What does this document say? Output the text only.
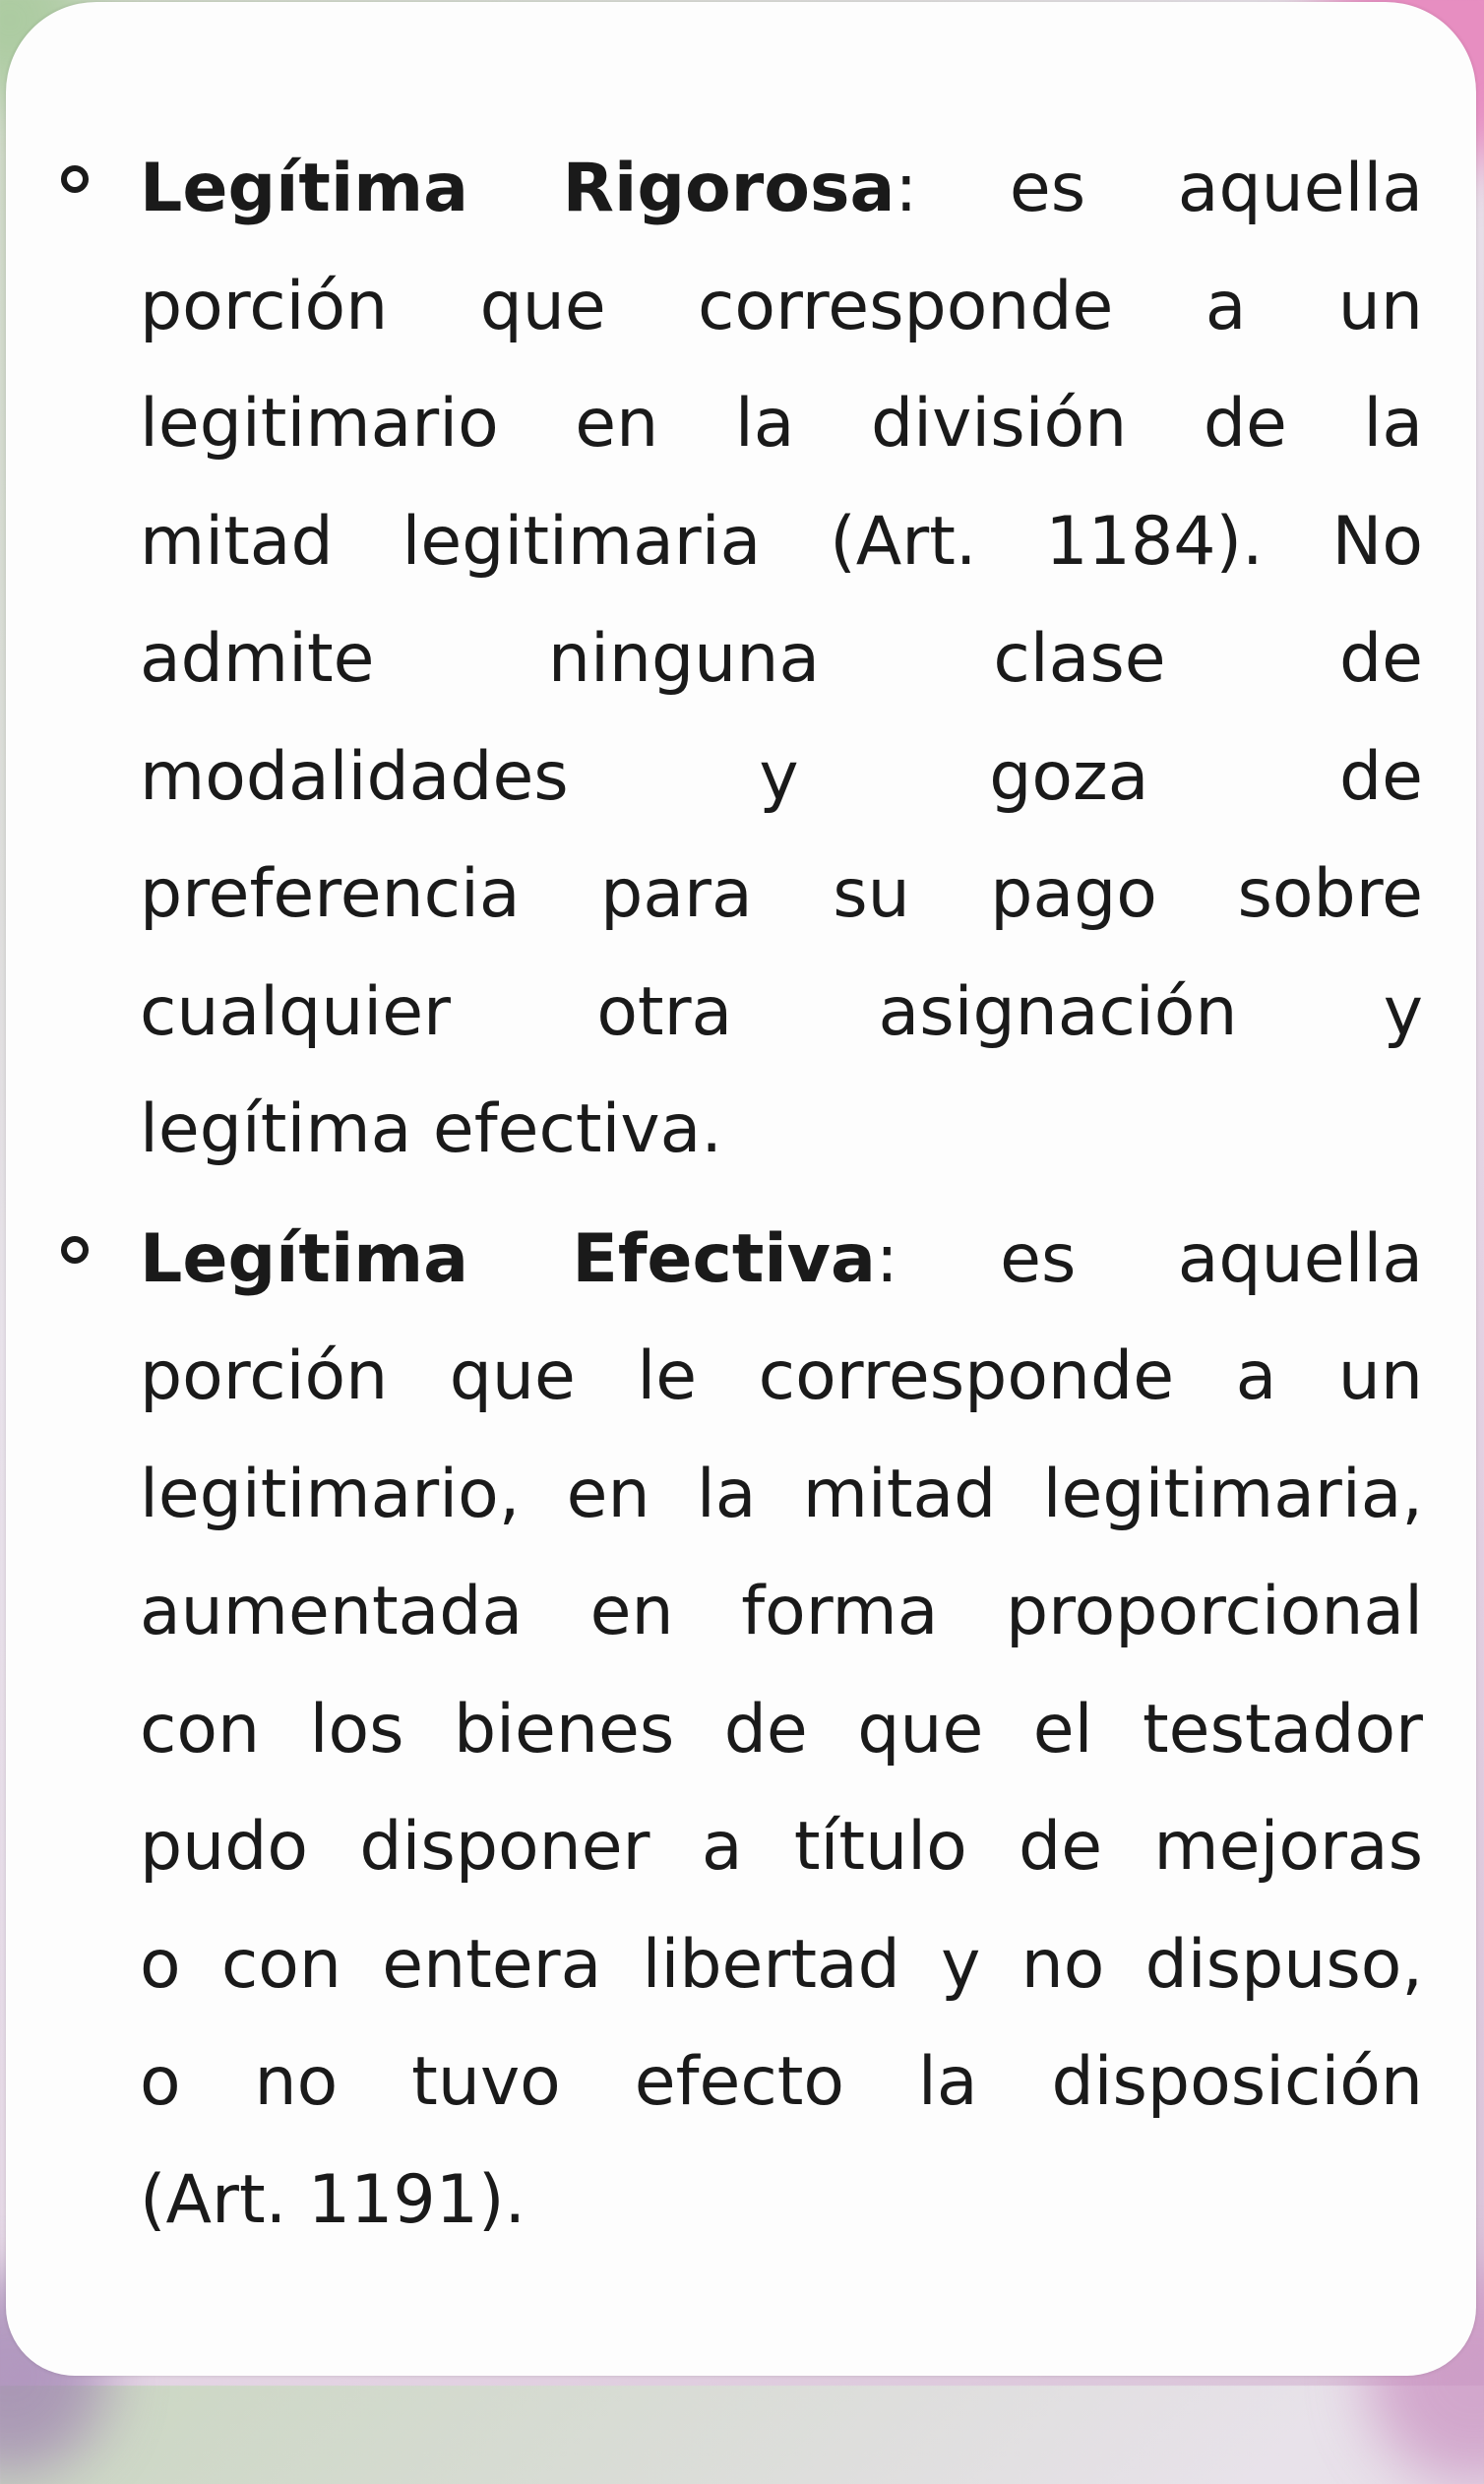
Legítima Rigorosa: es aquella
porción que corresponde a un
legitimario en la división de la
mitad legitimaria (Art. 1184). No
admite ninguna clase de
modalidades y goza de
preferencia para su pago sobre
cualquier otra asignación y
legítima efectiva.
Legítima Efectiva: es aquella
porción que le corresponde a un
legitimario, en la mitad legitimaria,
aumentada en forma proporcional
con los bienes de que el testador
pudo disponer a título de mejoras
o con entera libertad y no dispuso,
o no tuvo efecto la disposición
(Art. 1191).
